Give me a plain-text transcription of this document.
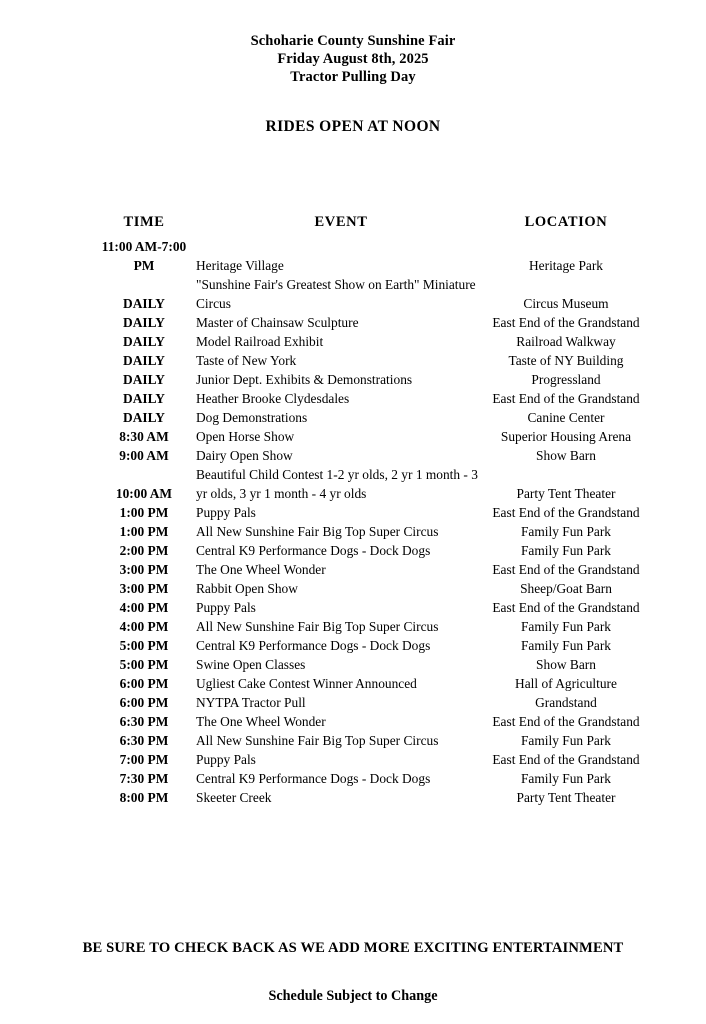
Schoharie County Sunshine Fair
Friday August 8th, 2025
Tractor Pulling Day
RIDES OPEN AT NOON
TIME	EVENT	LOCATION
11:00 AM-7:00 PM	Heritage Village	Heritage Park
DAILY	"Sunshine Fair's Greatest Show on Earth" Miniature Circus	Circus Museum
DAILY	Master of Chainsaw Sculpture	East End of the Grandstand
DAILY	Model Railroad Exhibit	Railroad Walkway
DAILY	Taste of New York	Taste of NY Building
DAILY	Junior Dept. Exhibits & Demonstrations	Progressland
DAILY	Heather Brooke Clydesdales	East End of the Grandstand
DAILY	Dog Demonstrations	Canine Center
8:30 AM	Open Horse Show	Superior Housing Arena
9:00 AM	Dairy Open Show	Show Barn
10:00 AM	Beautiful Child Contest 1-2 yr olds, 2 yr 1 month - 3 yr olds, 3 yr 1 month - 4 yr olds	Party Tent Theater
1:00 PM	Puppy Pals	East End of the Grandstand
1:00 PM	All New Sunshine Fair Big Top Super Circus	Family Fun Park
2:00 PM	Central K9 Performance Dogs - Dock Dogs	Family Fun Park
3:00 PM	The One Wheel Wonder	East End of the Grandstand
3:00 PM	Rabbit Open Show	Sheep/Goat Barn
4:00 PM	Puppy Pals	East End of the Grandstand
4:00 PM	All New Sunshine Fair Big Top Super Circus	Family Fun Park
5:00 PM	Central K9 Performance Dogs - Dock Dogs	Family Fun Park
5:00 PM	Swine Open Classes	Show Barn
6:00 PM	Ugliest Cake Contest Winner Announced	Hall of Agriculture
6:00 PM	NYTPA Tractor Pull	Grandstand
6:30 PM	The One Wheel Wonder	East End of the Grandstand
6:30 PM	All New Sunshine Fair Big Top Super Circus	Family Fun Park
7:00 PM	Puppy Pals	East End of the Grandstand
7:30 PM	Central K9 Performance Dogs - Dock Dogs	Family Fun Park
8:00 PM	Skeeter Creek	Party Tent Theater
BE SURE TO CHECK BACK AS WE ADD MORE EXCITING ENTERTAINMENT
Schedule Subject to Change
